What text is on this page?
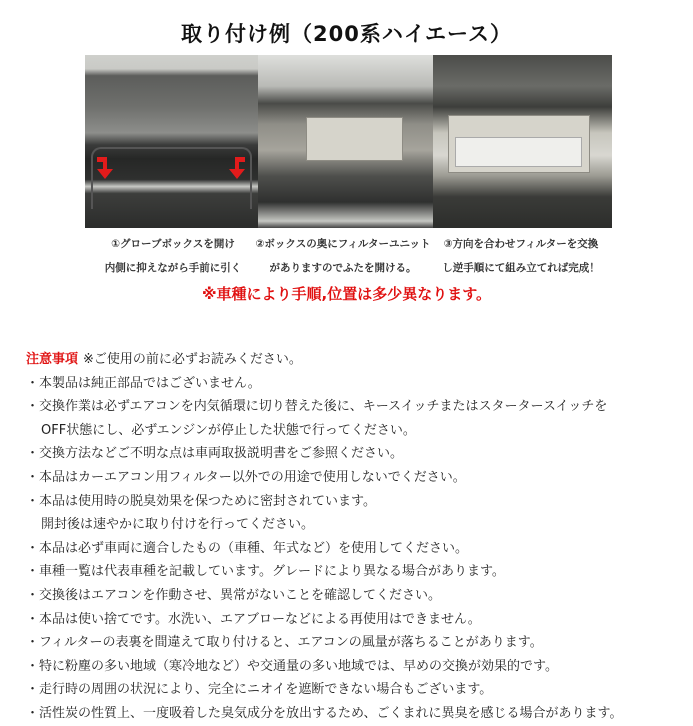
取り付け例（200系ハイエース）
①グローブボックスを開け
内側に抑えながら手前に引く
②ボックスの奥にフィルターユニット
がありますのでふたを開ける。
③方向を合わせフィルターを交換
し逆手順にて組み立てれば完成！
※車種により手順,位置は多少異なります。
注意事項 ※ご使用の前に必ずお読みください。
・本製品は純正部品ではございません。
・交換作業は必ずエアコンを内気循環に切り替えた後に、キースイッチまたはスタータースイッチを
OFF状態にし、必ずエンジンが停止した状態で行ってください。
・交換方法などご不明な点は車両取扱説明書をご参照ください。
・本品はカーエアコン用フィルター以外での用途で使用しないでください。
・本品は使用時の脱臭効果を保つために密封されています。
開封後は速やかに取り付けを行ってください。
・本品は必ず車両に適合したもの（車種、年式など）を使用してください。
・車種一覧は代表車種を記載しています。グレードにより異なる場合があります。
・交換後はエアコンを作動させ、異常がないことを確認してください。
・本品は使い捨てです。水洗い、エアブローなどによる再使用はできません。
・フィルターの表裏を間違えて取り付けると、エアコンの風量が落ちることがあります。
・特に粉塵の多い地域（寒冷地など）や交通量の多い地域では、早めの交換が効果的です。
・走行時の周囲の状況により、完全にニオイを遮断できない場合もございます。
・活性炭の性質上、一度吸着した臭気成分を放出するため、ごくまれに異臭を感じる場合があります。
